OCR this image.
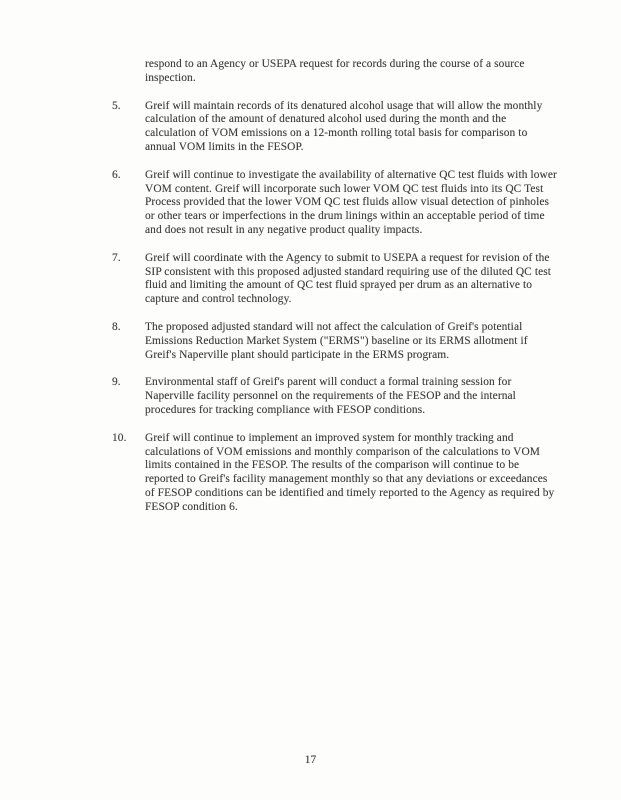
respond to an Agency or USEPA request for records during the course of a source inspection.

5.	Greif will maintain records of its denatured alcohol usage that will allow the monthly calculation of the amount of denatured alcohol used during the month and the calculation of VOM emissions on a 12-month rolling total basis for comparison to annual VOM limits in the FESOP.
6.	Greif will continue to investigate the availability of alternative QC test fluids with lower VOM content. Greif will incorporate such lower VOM QC test fluids into its QC Test Process provided that the lower VOM QC test fluids allow visual detection of pinholes or other tears or imperfections in the drum linings within an acceptable period of time and does not result in any negative product quality impacts.
7.	Greif will coordinate with the Agency to submit to USEPA a request for revision of the SIP consistent with this proposed adjusted standard requiring use of the diluted QC test fluid and limiting the amount of QC test fluid sprayed per drum as an alternative to capture and control technology.
8.	The proposed adjusted standard will not affect the calculation of Greif's potential Emissions Reduction Market System ("ERMS") baseline or its ERMS allotment if Greif's Naperville plant should participate in the ERMS program.
9.	Environmental staff of Greif's parent will conduct a formal training session for Naperville facility personnel on the requirements of the FESOP and the internal procedures for tracking compliance with FESOP conditions.
10.	Greif will continue to implement an improved system for monthly tracking and calculations of VOM emissions and monthly comparison of the calculations to VOM limits contained in the FESOP. The results of the comparison will continue to be reported to Greif's facility management monthly so that any deviations or exceedances of FESOP conditions can be identified and timely reported to the Agency as required by FESOP condition 6.
17
